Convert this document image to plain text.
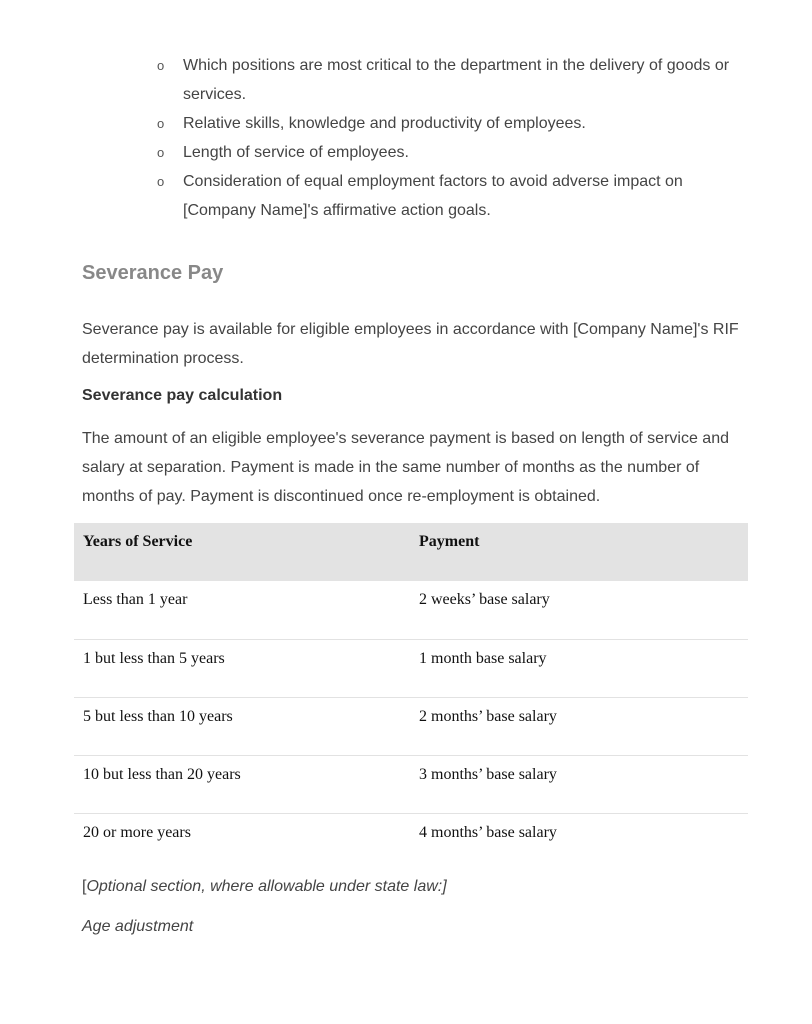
o Which positions are most critical to the department in the delivery of goods or services.
o Relative skills, knowledge and productivity of employees.
o Length of service of employees.
o Consideration of equal employment factors to avoid adverse impact on [Company Name]'s affirmative action goals.
Severance Pay

Severance pay is available for eligible employees in accordance with [Company Name]'s RIF determination process.

Severance pay calculation

The amount of an eligible employee's severance payment is based on length of service and salary at separation. Payment is made in the same number of months as the number of months of pay. Payment is discontinued once re-employment is obtained.

Years of Service	Payment
Less than 1 year	2 weeks’ base salary
1 but less than 5 years	1 month base salary
5 but less than 10 years	2 months’ base salary
10 but less than 20 years	3 months’ base salary
20 or more years	4 months’ base salary

[Optional section, where allowable under state law:]

Age adjustment
